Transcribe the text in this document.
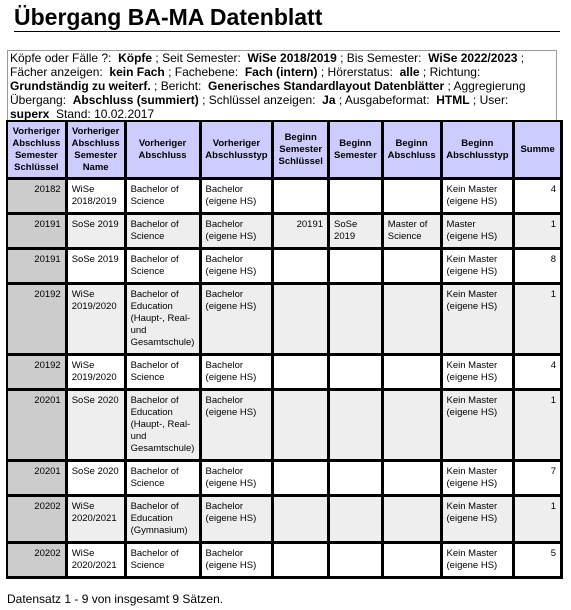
Übergang BA-MA Datenblatt
Köpfe oder Fälle ?: Köpfe ; Seit Semester: WiSe 2018/2019 ; Bis Semester: WiSe 2022/2023 ; Fächer anzeigen: kein Fach ; Fachebene: Fach (intern) ; Hörerstatus: alle ; Richtung:  Grundständig zu weiterf. ; Bericht: Generisches Standardlayout Datenblätter ; Aggregierung Übergang: Abschluss (summiert) ; Schlüssel anzeigen: Ja ; Ausgabeformat: HTML ; User:  superx Stand: 10.02.2017
Vorheriger Abschluss Semester Schlüssel	Vorheriger Abschluss Semester Name	Vorheriger Abschluss	Vorheriger Abschlusstyp	Beginn Semester Schlüssel	Beginn Semester	Beginn Abschluss	Beginn Abschlusstyp	Summe
20182	WiSe 2018/2019	Bachelor of Science	Bachelor (eigene HS)				Kein Master (eigene HS)	4
20191	SoSe 2019	Bachelor of Science	Bachelor (eigene HS)	20191	SoSe 2019	Master of Science	Master (eigene HS)	1
20191	SoSe 2019	Bachelor of Science	Bachelor (eigene HS)				Kein Master (eigene HS)	8
20192	WiSe 2019/2020	Bachelor of Education (Haupt-, Real- und Gesamtschule)	Bachelor (eigene HS)				Kein Master (eigene HS)	1
20192	WiSe 2019/2020	Bachelor of Science	Bachelor (eigene HS)				Kein Master (eigene HS)	4
20201	SoSe 2020	Bachelor of Education (Haupt-, Real- und Gesamtschule)	Bachelor (eigene HS)				Kein Master (eigene HS)	1
20201	SoSe 2020	Bachelor of Science	Bachelor (eigene HS)				Kein Master (eigene HS)	7
20202	WiSe 2020/2021	Bachelor of Education (Gymnasium)	Bachelor (eigene HS)				Kein Master (eigene HS)	1
20202	WiSe 2020/2021	Bachelor of Science	Bachelor (eigene HS)				Kein Master (eigene HS)	5
Datensatz 1 - 9 von insgesamt 9 Sätzen.
